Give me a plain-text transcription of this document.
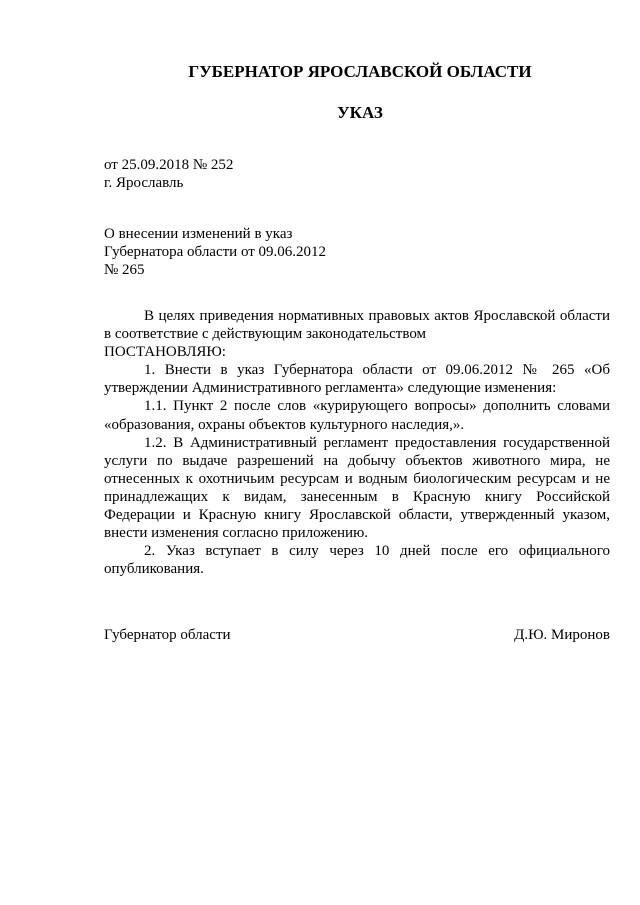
ГУБЕРНАТОР ЯРОСЛАВСКОЙ ОБЛАСТИ
УКАЗ
от 25.09.2018 № 252
г. Ярославль
О внесении изменений в указ
Губернатора области от 09.06.2012
№ 265

В целях приведения нормативных правовых актов Ярославской области в соответствие с действующим законодательством

ПОСТАНОВЛЯЮ:

1. Внести в указ Губернатора области от 09.06.2012 № 265 «Об утверждении Административного регламента» следующие изменения:

1.1. Пункт 2 после слов «курирующего вопросы» дополнить словами «образования, охраны объектов культурного наследия,».

1.2. В Административный регламент предоставления государственной услуги по выдаче разрешений на добычу объектов животного мира, не отнесенных к охотничьим ресурсам и водным биологическим ресурсам и не принадлежащих к видам, занесенным в Красную книгу Российской Федерации и Красную книгу Ярославской области, утвержденный указом, внести изменения согласно приложению.

2. Указ вступает в силу через 10 дней после его официального опубликования.

Губернатор области	Д.Ю. Миронов
